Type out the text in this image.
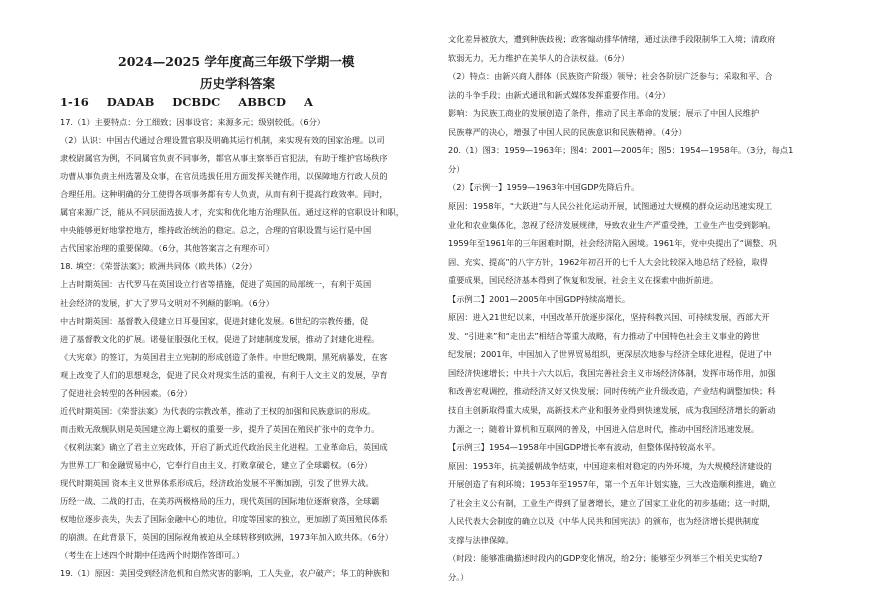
2024—2025 学年度高三年级下学期一模
历史学科答案
1-16 DADAB DCBDC ABBCD A
17.（1）主要特点：分工细致；因事设官；来源多元；级别较低。（6分）
（2）认识：中国古代通过合理设置官职及明确其运行机制，来实现有效的国家治理。以司
隶校尉属官为例，不同属官负责不同事务，都官从事主察举百官犯法，有助于维护官场秩序
功曹从事负责主州选署及众事，在官员选拔任用方面发挥关键作用，以保障地方行政人员的
合理任用。这种明确的分工使得各项事务都有专人负责，从而有利于提高行政效率。同时，
属官来源广泛，能从不同层面选拔人才，充实和优化地方治理队伍。通过这样的官职设计和职，
中央能够更好地掌控地方，维持政治统治的稳定。总之，合理的官职设置与运行是中国
古代国家治理的重要保障。（6分，其他答案言之有理亦可）
18. 填空：《荣誉法案》；欧洲共同体（欧共体）（2分）
上古时期英国：古代罗马在英国设立行省等措施，促进了英国的局部统一，有利于英国
社会经济的发展，扩大了罗马文明对不列颠的影响。（6分）
中古时期英国：基督教入侵建立日耳曼国家，促进封建化发展。6世纪的宗教传播，促
进了基督教文化的扩展。诺曼征服强化王权，促进了封建制度发展，推动了封建化进程。
《大宪章》的签订，为英国君主立宪制的形成创造了条件。中世纪晚期，黑死病暴发，在客
观上改变了人们的思想观念，促进了民众对现实生活的重视，有利于人文主义的发展，孕育
了促进社会转型的各种因素。（6分）
近代时期英国：《荣誉法案》为代表的宗教改革，推动了王权的加强和民族意识的形成。
而击败无敌舰队则是英国建立海上霸权的重要一步，提升了英国在殖民扩张中的竞争力。
《权利法案》确立了君主立宪政体，开启了新式近代政治民主化进程。工业革命后，英国成
为世界工厂和金融贸易中心，它奉行自由主义、打败拿破仑，建立了全球霸权。（6分）
现代时期英国 资本主义世界体系形成后，经济政治发展不平衡加剧，引发了世界大战。
历经一战、二战的打击，在美苏两极格局的压力，现代英国的国际地位逐渐衰落，全球霸
权地位逐步丧失，失去了国际金融中心的地位，印度等国家的独立，更加剧了英国殖民体系
的崩溃。在此背景下，英国的国际视角被迫从全球转移到欧洲，1973年加入欧共体。（6分）
（考生在上述四个时期中任选两个时期作答即可。）
19.（1）原因：美国受到经济危机和自然灾害的影响，工人失业，农户破产；华工的种族和
文化差异被放大，遭到种族歧视；政客煽动排华情绪，通过法律手段限制华工入境；清政府
软弱无力，无力维护在美华人的合法权益。（6分）
（2）特点：由新兴商人群体（民族资产阶级）领导；社会各阶层广泛参与；采取和平、合
法的斗争手段；由新式通讯和新式媒体发挥重要作用。（4分）
影响：为民族工商业的发展创造了条件，推动了民主革命的发展；展示了中国人民维护
民族尊严的决心，增强了中国人民的民族意识和民族精神。（4分）
20.（1）图3：1959—1963年；图4：2001—2005年；图5：1954—1958年。（3分，每点1
分）
（2）【示例一】1959—1963年中国GDP先降后升。
原因：1958年，“大跃进”与人民公社化运动开展，试图通过大规模的群众运动迅速实现工
业化和农业集体化，忽视了经济发展规律，导致农业生产严重受挫，工业生产也受到影响。
1959年至1961年的三年困难时期，社会经济陷入困境。1961年，党中央提出了“调整、巩
固、充实、提高”的八字方针，1962年初召开的七千人大会比较深入地总结了经验，取得
重要成果，国民经济基本得到了恢复和发展，社会主义在探索中曲折前进。
【示例二】2001—2005年中国GDP持续高增长。
原因：进入21世纪以来，中国改革开放逐步深化，坚持科教兴国、可持续发展，西部大开
发、“引进来”和“走出去”相结合等重大战略，有力推动了中国特色社会主义事业的跨世
纪发展；2001年，中国加入了世界贸易组织，更深层次地参与经济全球化进程，促进了中
国经济快速增长；中共十六大以后，我国完善社会主义市场经济体制，发挥市场作用，加强
和改善宏观调控，推动经济又好又快发展；同时传统产业升级改造，产业结构调整加快；科
技自主创新取得重大成果，高新技术产业和服务业得到快速发展，成为我国经济增长的新动
力源之一；随着计算机和互联网的普及，中国进入信息时代，推动中国经济迅速发展。
【示例三】1954—1958年中国GDP增长率有波动，但整体保持较高水平。
原因：1953年，抗美援朝战争结束，中国迎来相对稳定的内外环境，为大规模经济建设的
开展创造了有利环境；1953年至1957年，第一个五年计划实施，三大改造顺利推进，确立
了社会主义公有制，工业生产得到了显著增长，建立了国家工业化的初步基础；这一时期，
人民代表大会制度的确立以及《中华人民共和国宪法》的颁布，也为经济增长提供制度
支撑与法律保障。
（时段：能够准确描述时段内的GDP变化情况，给2分；能够至少列举三个相关史实给7
分。）
